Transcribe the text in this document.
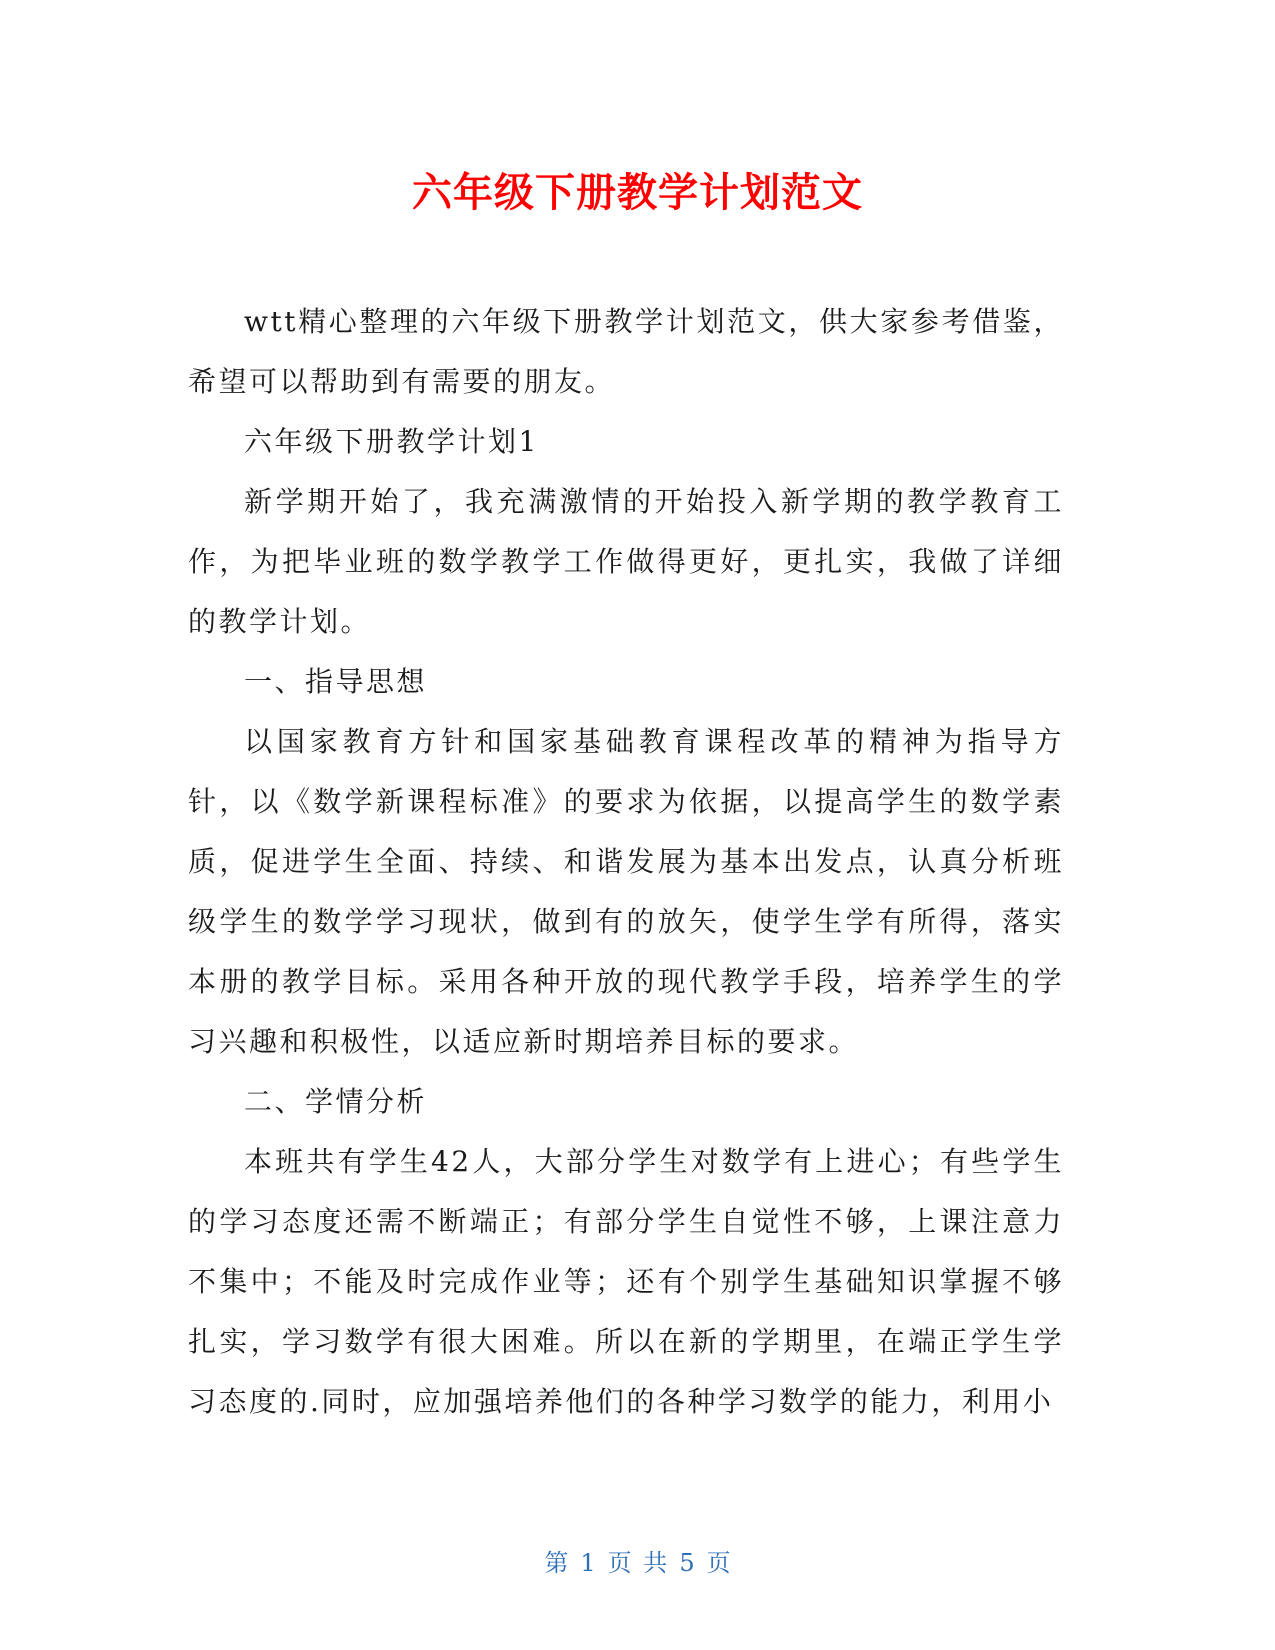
六年级下册教学计划范文

wtt精心整理的六年级下册教学计划范文，供大家参考借鉴，希望可以帮助到有需要的朋友。

六年级下册教学计划1

新学期开始了，我充满激情的开始投入新学期的教学教育工作，为把毕业班的数学教学工作做得更好，更扎实，我做了详细的教学计划。

一、指导思想

以国家教育方针和国家基础教育课程改革的精神为指导方针，以《数学新课程标准》的要求为依据，以提高学生的数学素质，促进学生全面、持续、和谐发展为基本出发点，认真分析班级学生的数学学习现状，做到有的放矢，使学生学有所得，落实本册的教学目标。采用各种开放的现代教学手段，培养学生的学习兴趣和积极性，以适应新时期培养目标的要求。

二、学情分析

本班共有学生42人，大部分学生对数学有上进心；有些学生的学习态度还需不断端正；有部分学生自觉性不够，上课注意力不集中；不能及时完成作业等；还有个别学生基础知识掌握不够扎实，学习数学有很大困难。所以在新的学期里，在端正学生学习态度的.同时，应加强培养他们的各种学习数学的能力，利用小

第 1 页 共 5 页
